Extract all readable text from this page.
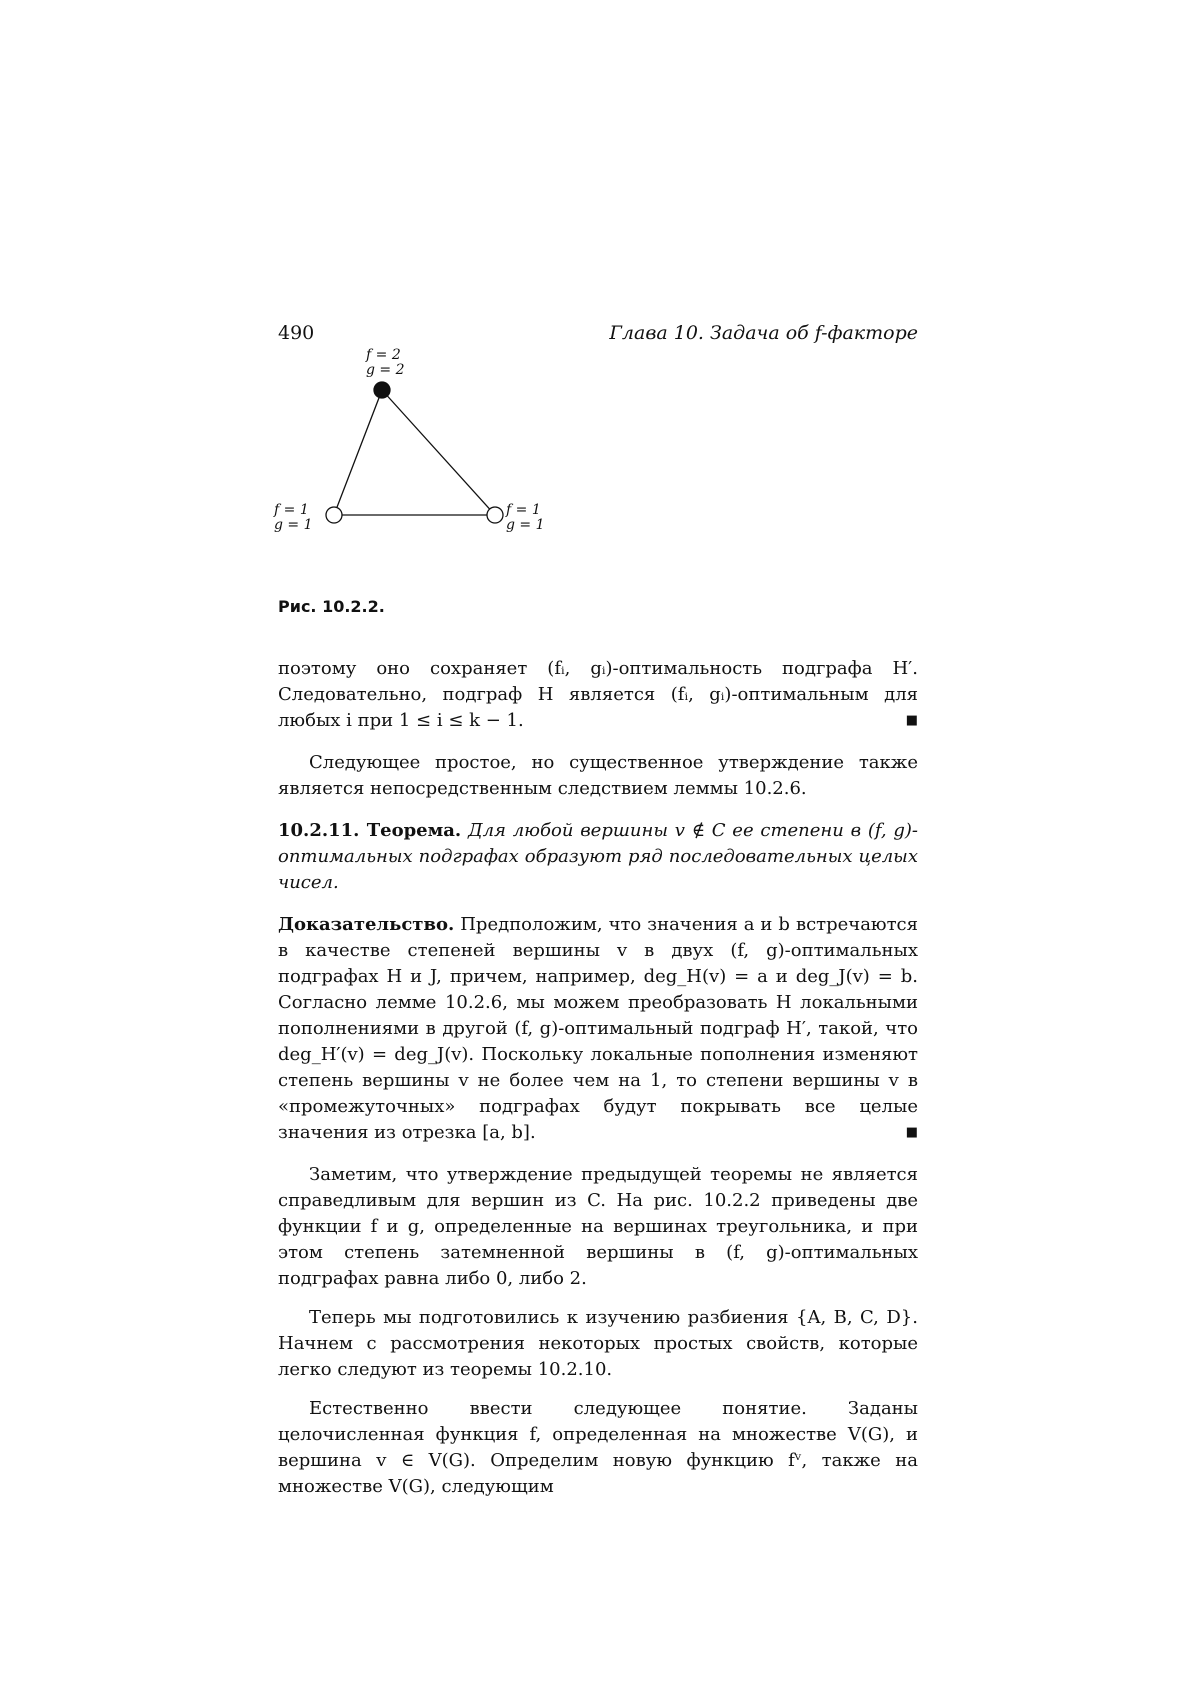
490	Глава 10. Задача об f-факторе
f = 2
g = 2
f = 1
g = 1
f = 1
g = 1
Рис. 10.2.2.

поэтому оно сохраняет (fᵢ, gᵢ)-оптимальность подграфа H′. Следовательно, подграф H является (fᵢ, gᵢ)-оптимальным для любых i при 1 ≤ i ≤ k − 1.	■

Следующее простое, но существенное утверждение также является непосредственным следствием леммы 10.2.6.

10.2.11. Теорема. Для любой вершины v ∉ C ее степени в (f, g)-оптимальных подграфах образуют ряд последовательных целых чисел.

Доказательство. Предположим, что значения a и b встречаются в качестве степеней вершины v в двух (f, g)-оптимальных подграфах H и J, причем, например, deg_H(v) = a и deg_J(v) = b. Согласно лемме 10.2.6, мы можем преобразовать H локальными пополнениями в другой (f, g)-оптимальный подграф H′, такой, что deg_H′(v) = deg_J(v). Поскольку локальные пополнения изменяют степень вершины v не более чем на 1, то степени вершины v в «промежуточных» подграфах будут покрывать все целые значения из отрезка [a, b].	■

Заметим, что утверждение предыдущей теоремы не является справедливым для вершин из C. На рис. 10.2.2 приведены две функции f и g, определенные на вершинах треугольника, и при этом степень затемненной вершины в (f, g)-оптимальных подграфах равна либо 0, либо 2.

Теперь мы подготовились к изучению разбиения {A, B, C, D}. Начнем с рассмотрения некоторых простых свойств, которые легко следуют из теоремы 10.2.10.

Естественно ввести следующее понятие. Заданы целочисленная функция f, определенная на множестве V(G), и вершина v ∈ V(G). Определим новую функцию fᵛ, также на множестве V(G), следующим
